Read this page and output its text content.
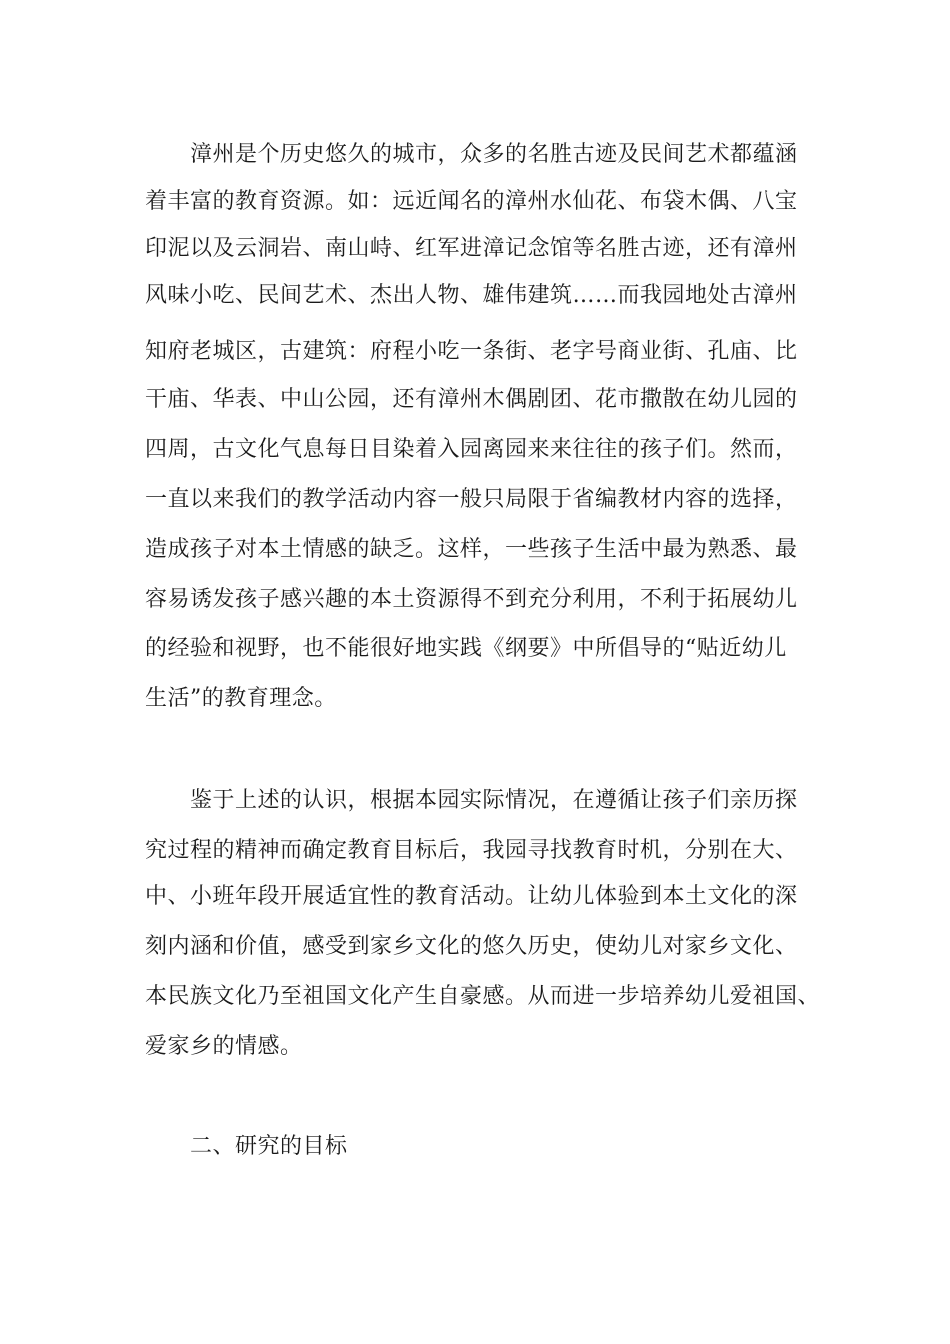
漳州是个历史悠久的城市，众多的名胜古迹及民间艺术都蕴涵
着丰富的教育资源。如：远近闻名的漳州水仙花、布袋木偶、八宝
印泥以及云洞岩、南山峙、红军进漳记念馆等名胜古迹，还有漳州
风味小吃、民间艺术、杰出人物、雄伟建筑……而我园地处古漳州
知府老城区，古建筑：府程小吃一条街、老字号商业街、孔庙、比
干庙、华表、中山公园，还有漳州木偶剧团、花市撒散在幼儿园的
四周，古文化气息每日目染着入园离园来来往往的孩子们。然而，
一直以来我们的教学活动内容一般只局限于省编教材内容的选择，
造成孩子对本土情感的缺乏。这样，一些孩子生活中最为熟悉、最
容易诱发孩子感兴趣的本土资源得不到充分利用，不利于拓展幼儿
的经验和视野，也不能很好地实践《纲要》中所倡导的“贴近幼儿
生活”的教育理念。
鉴于上述的认识，根据本园实际情况，在遵循让孩子们亲历探
究过程的精神而确定教育目标后，我园寻找教育时机，分别在大、
中、小班年段开展适宜性的教育活动。让幼儿体验到本土文化的深
刻内涵和价值，感受到家乡文化的悠久历史，使幼儿对家乡文化、
本民族文化乃至祖国文化产生自豪感。从而进一步培养幼儿爱祖国、
爱家乡的情感。
二、研究的目标
